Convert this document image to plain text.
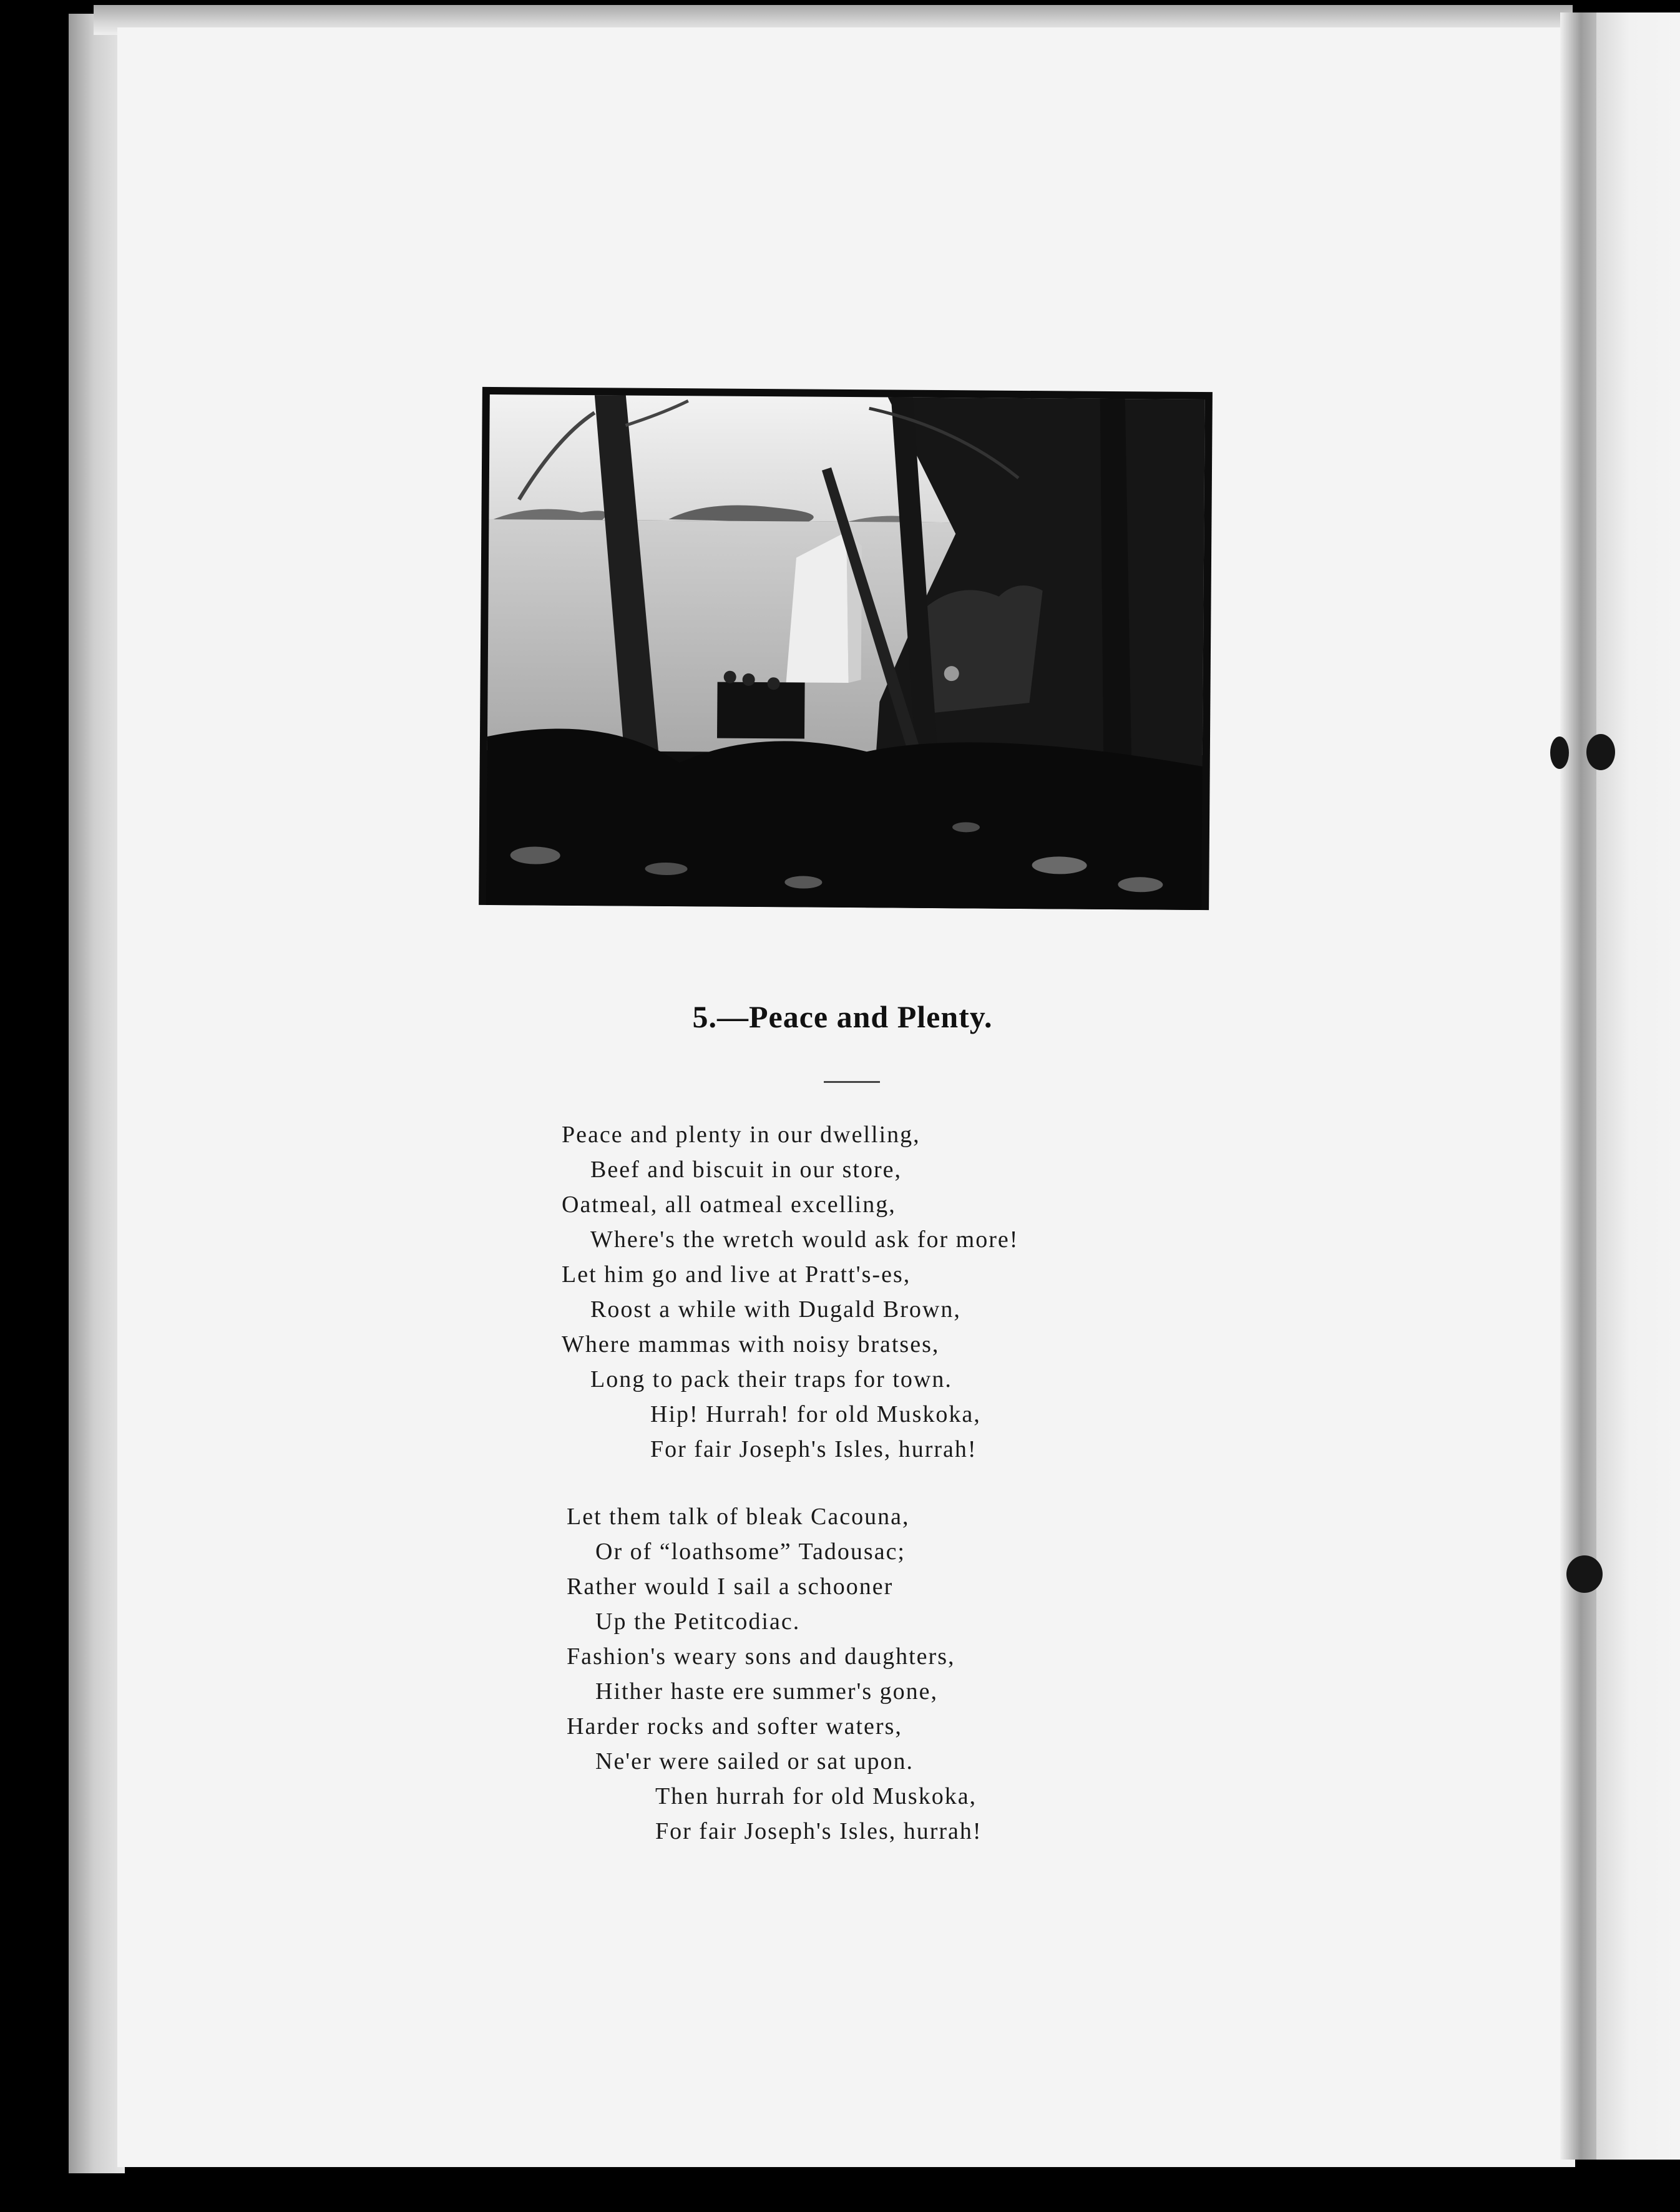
5.—Peace and Plenty.
Peace and plenty in our dwelling,
Beef and biscuit in our store,
Oatmeal, all oatmeal excelling,
Where's the wretch would ask for more!
Let him go and live at Pratt's-es,
Roost a while with Dugald Brown,
Where mammas with noisy bratses,
Long to pack their traps for town.
Hip! Hurrah! for old Muskoka,
For fair Joseph's Isles, hurrah!
Let them talk of bleak Cacouna,
Or of “loathsome” Tadousac;
Rather would I sail a schooner
Up the Petitcodiac.
Fashion's weary sons and daughters,
Hither haste ere summer's gone,
Harder rocks and softer waters,
Ne'er were sailed or sat upon.
Then hurrah for old Muskoka,
For fair Joseph's Isles, hurrah!
